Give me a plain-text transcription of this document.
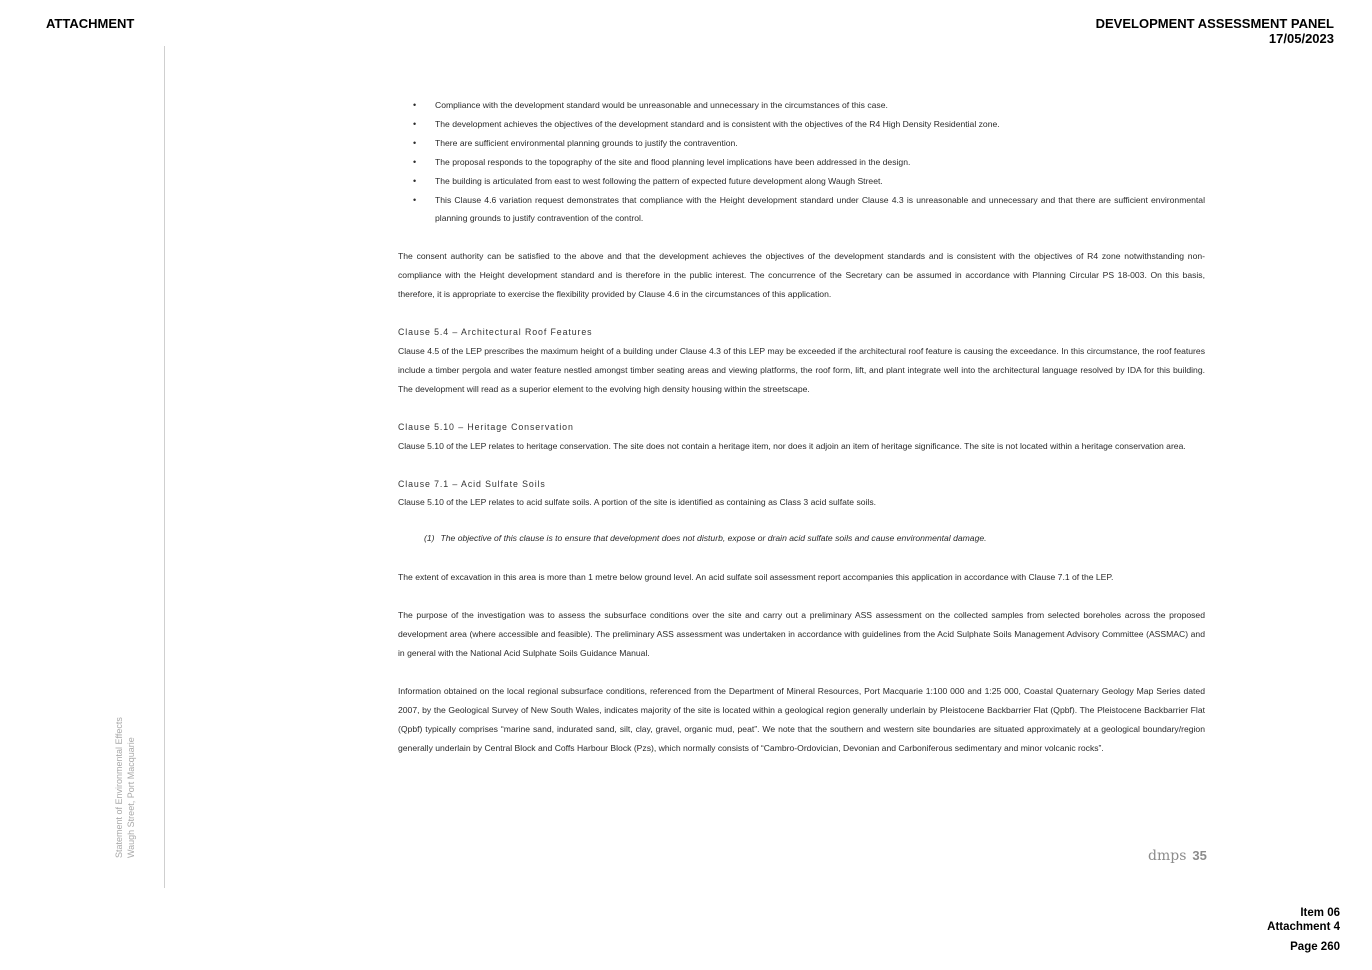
ATTACHMENT	DEVELOPMENT ASSESSMENT PANEL
17/05/2023
Statement of Environmental Effects Waugh Street, Port Macquarie
• Compliance with the development standard would be unreasonable and unnecessary in the circumstances of this case.
• The development achieves the objectives of the development standard and is consistent with the objectives of the R4 High Density Residential zone.
• There are sufficient environmental planning grounds to justify the contravention.
• The proposal responds to the topography of the site and flood planning level implications have been addressed in the design.
• The building is articulated from east to west following the pattern of expected future development along Waugh Street.
• This Clause 4.6 variation request demonstrates that compliance with the Height development standard under Clause 4.3 is unreasonable and unnecessary and that there are sufficient environmental planning grounds to justify contravention of the control.

The consent authority can be satisfied to the above and that the development achieves the objectives of the development standards and is consistent with the objectives of R4 zone notwithstanding non-compliance with the Height development standard and is therefore in the public interest. The concurrence of the Secretary can be assumed in accordance with Planning Circular PS 18-003. On this basis, therefore, it is appropriate to exercise the flexibility provided by Clause 4.6 in the circumstances of this application.

Clause 5.4 – Architectural Roof Features

Clause 4.5 of the LEP prescribes the maximum height of a building under Clause 4.3 of this LEP may be exceeded if the architectural roof feature is causing the exceedance. In this circumstance, the roof features include a timber pergola and water feature nestled amongst timber seating areas and viewing platforms, the roof form, lift, and plant integrate well into the architectural language resolved by IDA for this building. The development will read as a superior element to the evolving high density housing within the streetscape.

Clause 5.10 – Heritage Conservation

Clause 5.10 of the LEP relates to heritage conservation. The site does not contain a heritage item, nor does it adjoin an item of heritage significance. The site is not located within a heritage conservation area.

Clause 7.1 – Acid Sulfate Soils

Clause 5.10 of the LEP relates to acid sulfate soils. A portion of the site is identified as containing as Class 3 acid sulfate soils.

(1) The objective of this clause is to ensure that development does not disturb, expose or drain acid sulfate soils and cause environmental damage.

The extent of excavation in this area is more than 1 metre below ground level. An acid sulfate soil assessment report accompanies this application in accordance with Clause 7.1 of the LEP.

The purpose of the investigation was to assess the subsurface conditions over the site and carry out a preliminary ASS assessment on the collected samples from selected boreholes across the proposed development area (where accessible and feasible). The preliminary ASS assessment was undertaken in accordance with guidelines from the Acid Sulphate Soils Management Advisory Committee (ASSMAC) and in general with the National Acid Sulphate Soils Guidance Manual.

Information obtained on the local regional subsurface conditions, referenced from the Department of Mineral Resources, Port Macquarie 1:100 000 and 1:25 000, Coastal Quaternary Geology Map Series dated 2007, by the Geological Survey of New South Wales, indicates majority of the site is located within a geological region generally underlain by Pleistocene Backbarrier Flat (Qpbf). The Pleistocene Backbarrier Flat (Qpbf) typically comprises “marine sand, indurated sand, silt, clay, gravel, organic mud, peat”. We note that the southern and western site boundaries are situated approximately at a geological boundary/region generally underlain by Central Block and Coffs Harbour Block (Pzs), which normally consists of “Cambro-Ordovician, Devonian and Carboniferous sedimentary and minor volcanic rocks”.

dmps 35
Item 06
Attachment 4
Page 260
